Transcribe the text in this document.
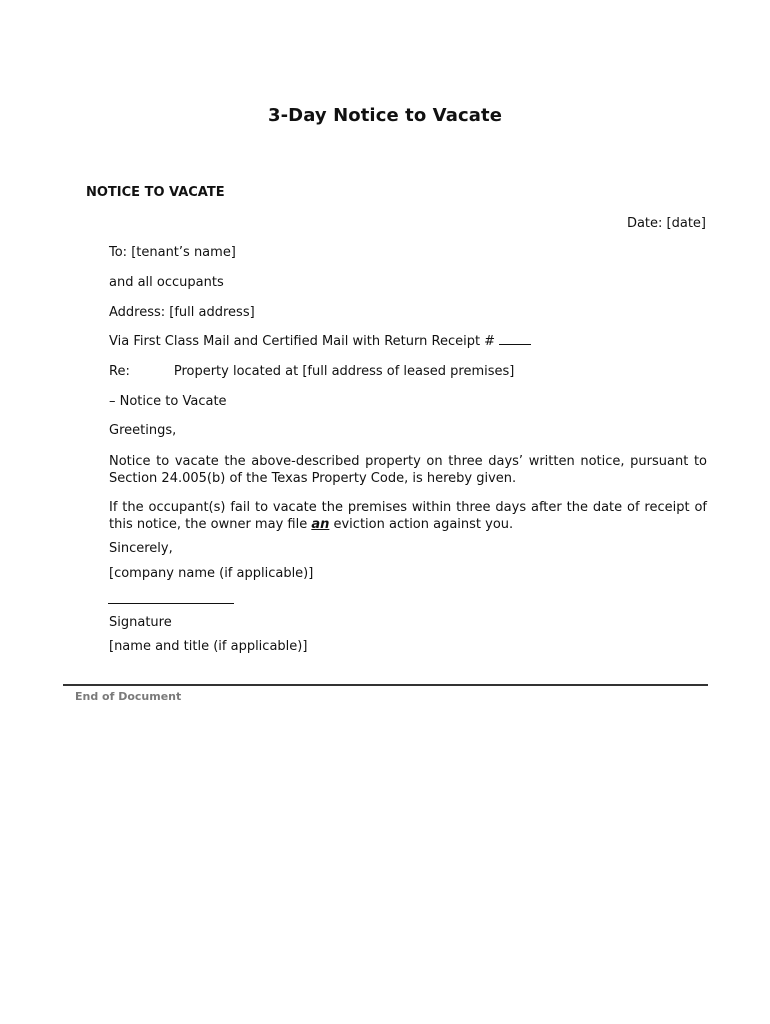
3-Day Notice to Vacate
NOTICE TO VACATE
Date: [date]
To: [tenant’s name]
and all occupants
Address: [full address]
Via First Class Mail and Certified Mail with Return Receipt #
Re:	Property located at [full address of leased premises]
– Notice to Vacate
Greetings,
Notice to vacate the above-described property on three days’ written notice, pursuant to Section 24.005(b) of the Texas Property Code, is hereby given.
If the occupant(s) fail to vacate the premises within three days after the date of receipt of this notice, the owner may file an eviction action against you.
Sincerely,
[company name (if applicable)]
Signature
[name and title (if applicable)]
End of Document
